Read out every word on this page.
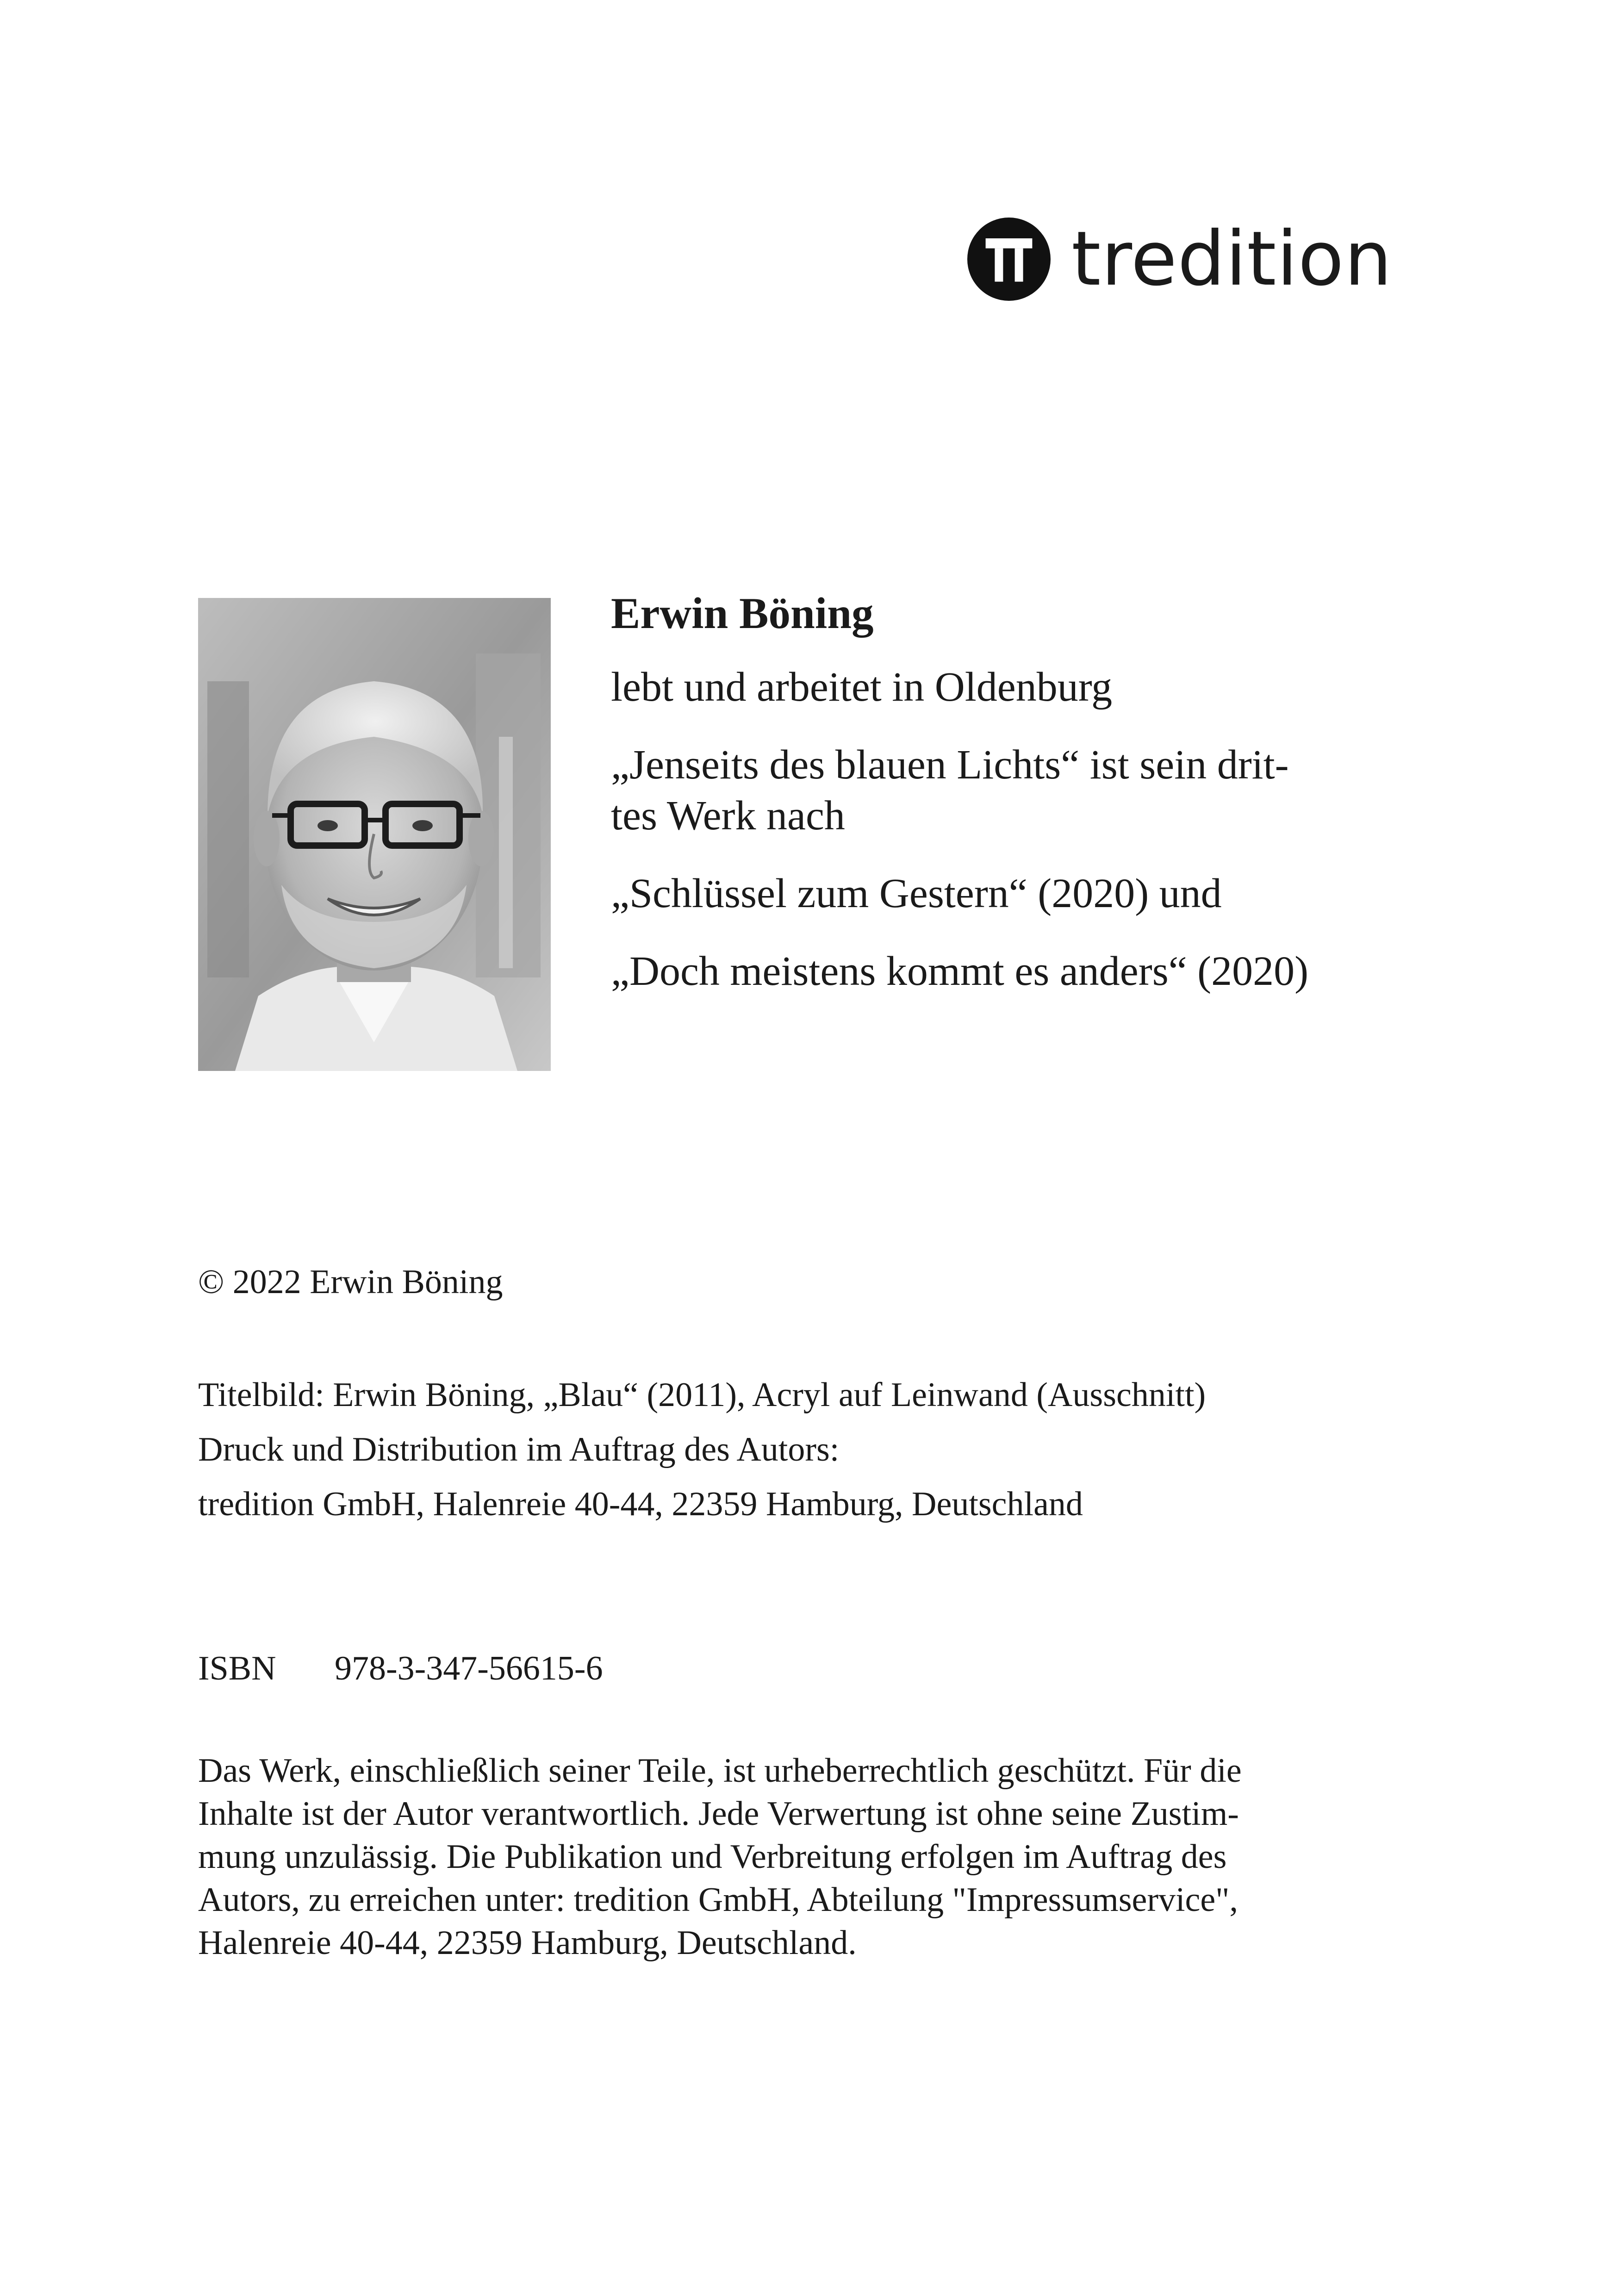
tredition
Erwin Böning
lebt und arbeitet in Oldenburg
„Jenseits des blauen Lichts“ ist sein drit-
tes Werk nach
„Schlüssel zum Gestern“ (2020) und
„Doch meistens kommt es anders“ (2020)
© 2022 Erwin Böning
Titelbild: Erwin Böning, „Blau“ (2011), Acryl auf Leinwand (Ausschnitt)
Druck und Distribution im Auftrag des Autors:
tredition GmbH, Halenreie 40-44, 22359 Hamburg, Deutschland
ISBN	978-3-347-56615-6
Das Werk, einschließlich seiner Teile, ist urheberrechtlich geschützt. Für die
Inhalte ist der Autor verantwortlich. Jede Verwertung ist ohne seine Zustim-
mung unzulässig. Die Publikation und Verbreitung erfolgen im Auftrag des
Autors, zu erreichen unter: tredition GmbH, Abteilung "Impressumservice",
Halenreie 40-44, 22359 Hamburg, Deutschland.
